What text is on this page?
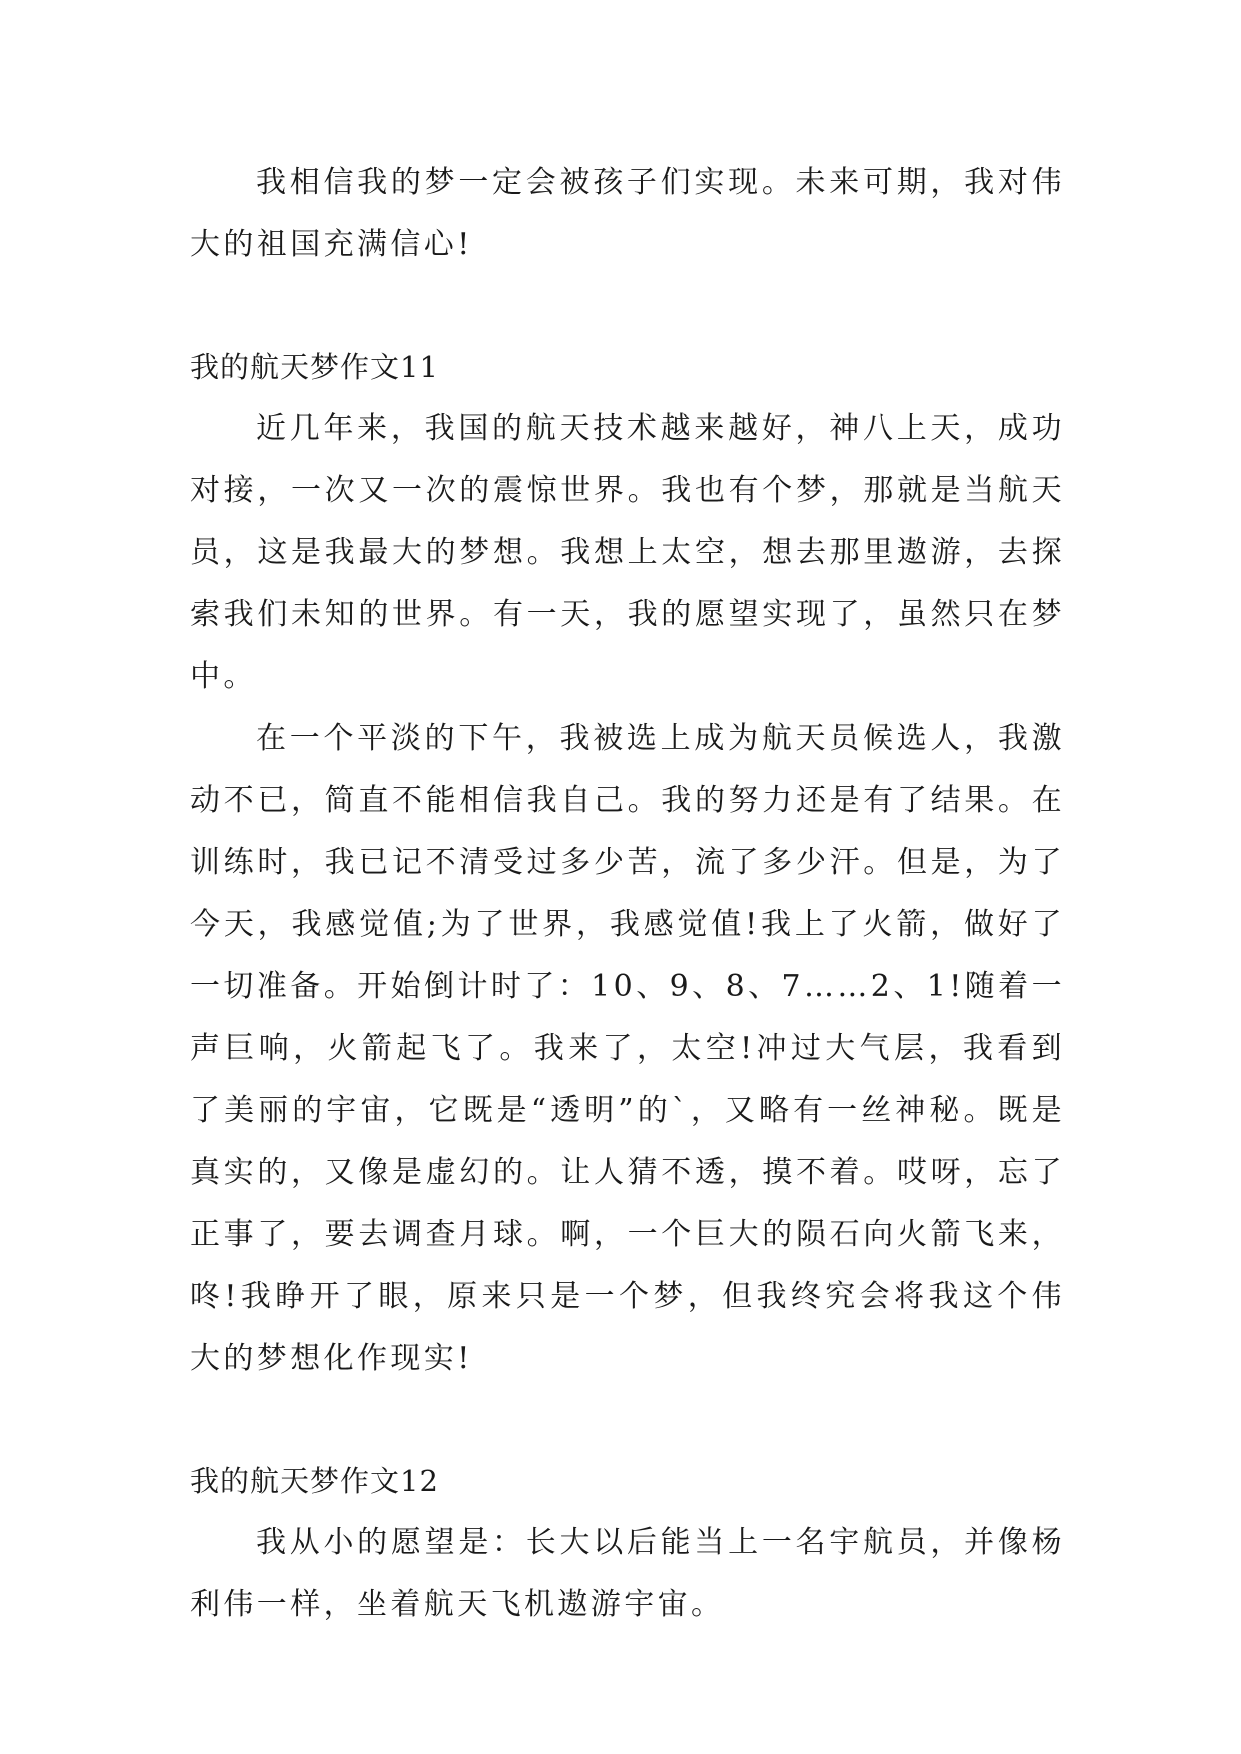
我相信我的梦一定会被孩子们实现。未来可期，我对伟大的祖国充满信心!

我的航天梦作文11

近几年来，我国的航天技术越来越好，神八上天，成功对接，一次又一次的震惊世界。我也有个梦，那就是当航天员，这是我最大的梦想。我想上太空，想去那里遨游，去探索我们未知的世界。有一天，我的愿望实现了，虽然只在梦中。

在一个平淡的下午，我被选上成为航天员候选人，我激动不已，简直不能相信我自己。我的努力还是有了结果。在训练时，我已记不清受过多少苦，流了多少汗。但是，为了今天，我感觉值;为了世界，我感觉值!我上了火箭，做好了一切准备。开始倒计时了：10、9、8、7……2、1!随着一声巨响，火箭起飞了。我来了，太空!冲过大气层，我看到了美丽的宇宙，它既是“透明”的`，又略有一丝神秘。既是真实的，又像是虚幻的。让人猜不透，摸不着。哎呀，忘了正事了，要去调查月球。啊，一个巨大的陨石向火箭飞来，咚!我睁开了眼，原来只是一个梦，但我终究会将我这个伟大的梦想化作现实!

我的航天梦作文12

我从小的愿望是：长大以后能当上一名宇航员，并像杨利伟一样，坐着航天飞机遨游宇宙。
